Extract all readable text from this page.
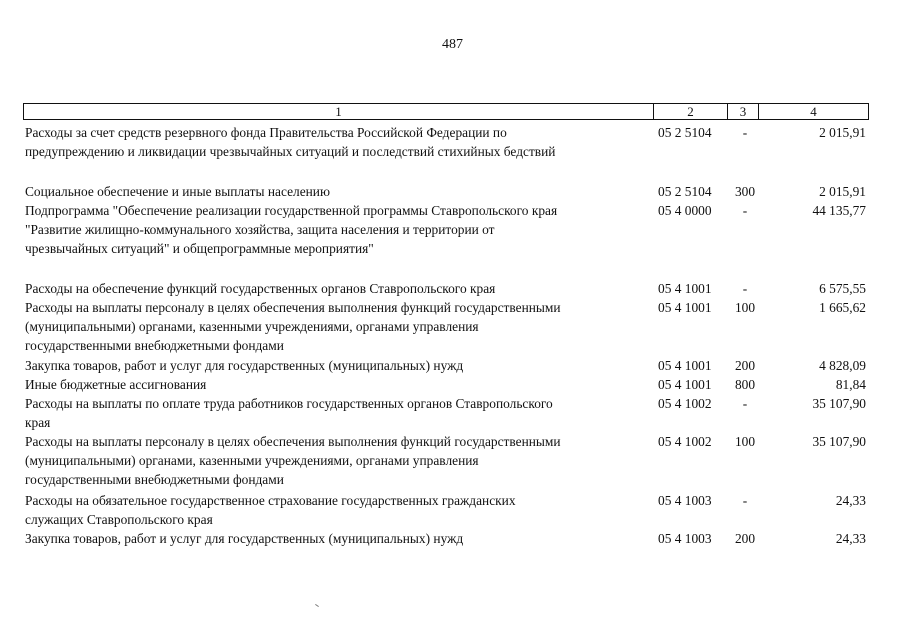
487
1	2	3	4
Расходы за счет средств резервного фонда Правительства Российской Федерации по
предупреждению и ликвидации чрезвычайных ситуаций и последствий стихийных бедствий
05 2 5104	-	2 015,91
Социальное обеспечение и иные выплаты населению	05 2 5104	300	2 015,91
Подпрограмма "Обеспечение реализации государственной программы Ставропольского края
"Развитие жилищно-коммунального хозяйства, защита населения и территории от
чрезвычайных ситуаций" и общепрограммные мероприятия"
05 4 0000	-	44 135,77
Расходы на обеспечение функций государственных органов Ставропольского края	05 4 1001	-	6 575,55
Расходы на выплаты персоналу в целях обеспечения выполнения функций государственными
(муниципальными) органами, казенными учреждениями, органами управления
государственными внебюджетными фондами
05 4 1001	100	1 665,62
Закупка товаров, работ и услуг для государственных (муниципальных) нужд	05 4 1001	200	4 828,09
Иные бюджетные ассигнования	05 4 1001	800	81,84
Расходы на выплаты по оплате труда работников государственных органов Ставропольского
края
05 4 1002	-	35 107,90
Расходы на выплаты персоналу в целях обеспечения выполнения функций государственными
(муниципальными) органами, казенными учреждениями, органами управления
государственными внебюджетными фондами
05 4 1002	100	35 107,90
Расходы на обязательное государственное страхование государственных гражданских
служащих Ставропольского края
05 4 1003	-	24,33
Закупка товаров, работ и услуг для государственных (муниципальных) нужд	05 4 1003	200	24,33
